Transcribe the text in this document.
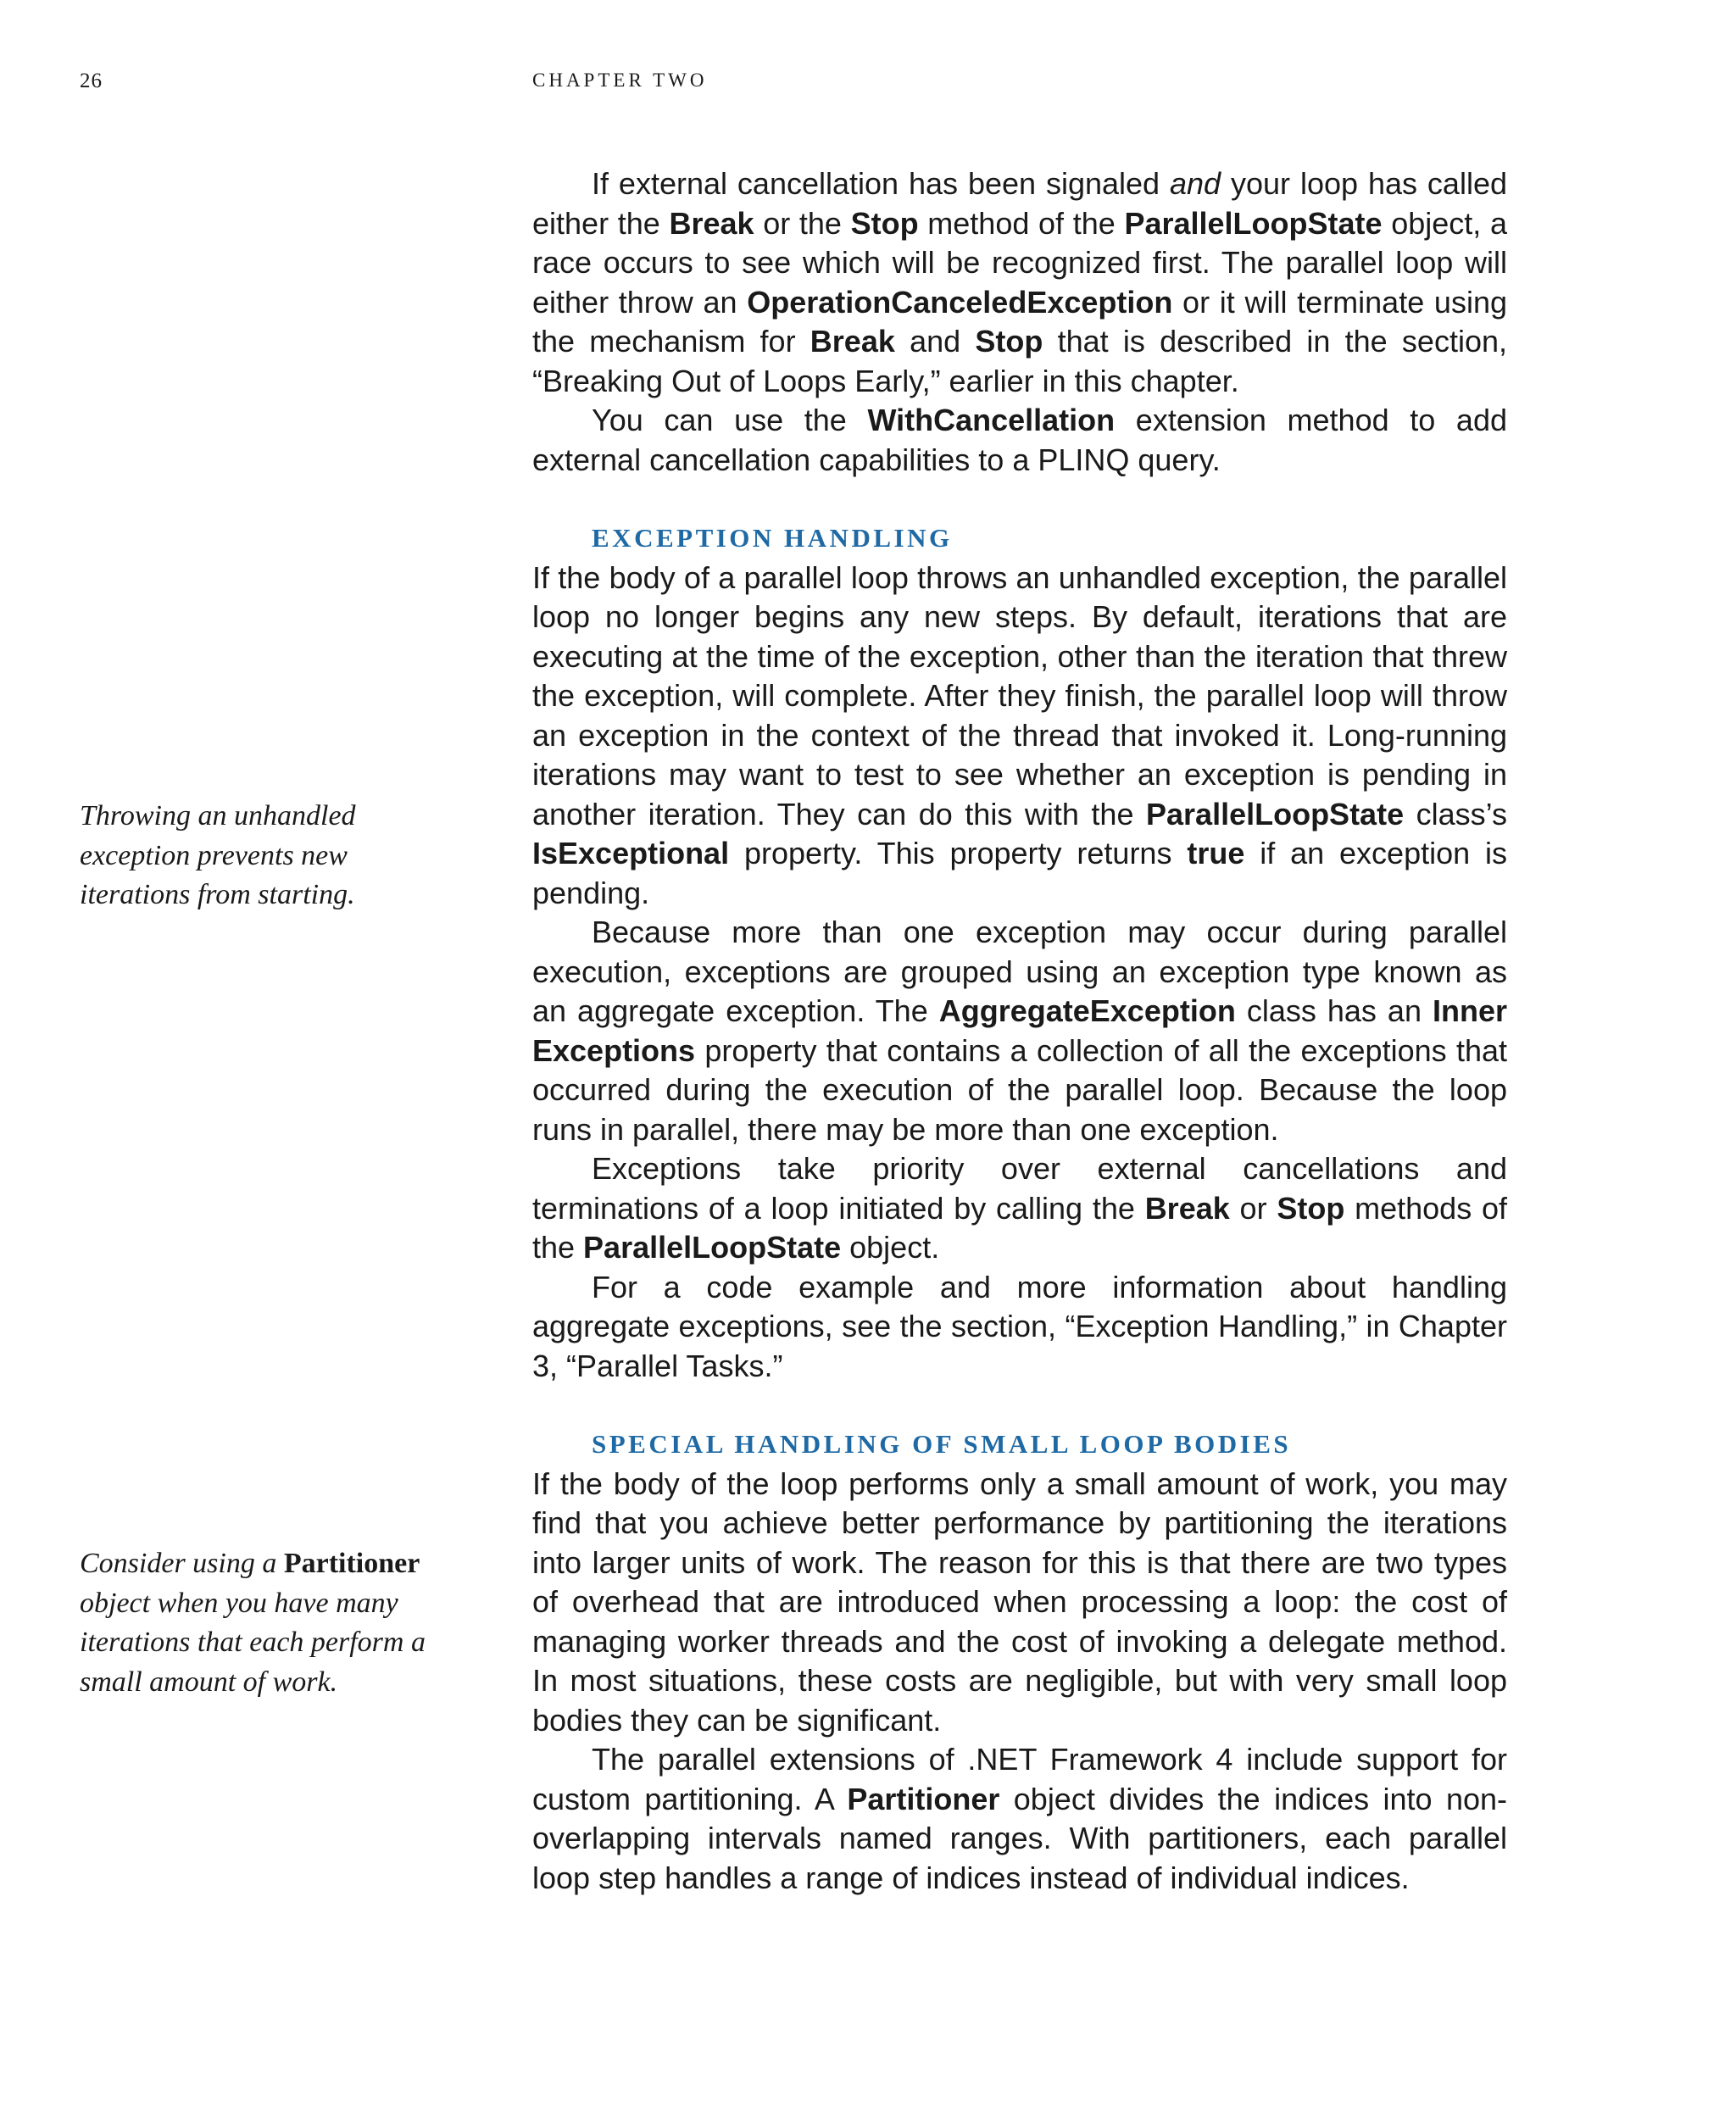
26	CHAPTER TWO

If external cancellation has been signaled and your loop has called either the Break or the Stop method of the ParallelLoopState object, a race occurs to see which will be recognized first. The parallel loop will either throw an OperationCanceledException or it will terminate using the mechanism for Break and Stop that is described in the section, “Breaking Out of Loops Early,” earlier in this chapter.

You can use the WithCancellation extension method to add external cancellation capabilities to a PLINQ query.

EXCEPTION HANDLING

If the body of a parallel loop throws an unhandled exception, the parallel loop no longer begins any new steps. By default, iterations that are executing at the time of the exception, other than the iteration that threw the exception, will complete. After they finish, the parallel loop will throw an exception in the context of the thread that invoked it. Long-running iterations may want to test to see whether an exception is pending in another iteration. They can do this with the ParallelLoopState class’s IsExceptional property. This property returns true if an exception is pending.

Because more than one exception may occur during parallel execution, exceptions are grouped using an exception type known as an aggregate exception. The AggregateException class has an Inner Exceptions property that contains a collection of all the exceptions that occurred during the execution of the parallel loop. Because the loop runs in parallel, there may be more than one exception.

Exceptions take priority over external cancellations and terminations of a loop initiated by calling the Break or Stop methods of the ParallelLoopState object.

For a code example and more information about handling aggregate exceptions, see the section, “Exception Handling,” in Chapter 3, “Parallel Tasks.”

SPECIAL HANDLING OF SMALL LOOP BODIES

If the body of the loop performs only a small amount of work, you may find that you achieve better performance by partitioning the iterations into larger units of work. The reason for this is that there are two types of overhead that are introduced when processing a loop: the cost of managing worker threads and the cost of invoking a delegate method. In most situations, these costs are negligible, but with very small loop bodies they can be significant.

The parallel extensions of .NET Framework 4 include support for custom partitioning. A Partitioner object divides the indices into non-overlapping intervals named ranges. With partitioners, each parallel loop step handles a range of indices instead of individual indices.

Throwing an unhandled exception prevents new iterations from starting.
Consider using a Partitioner object when you have many iterations that each perform a small amount of work.
